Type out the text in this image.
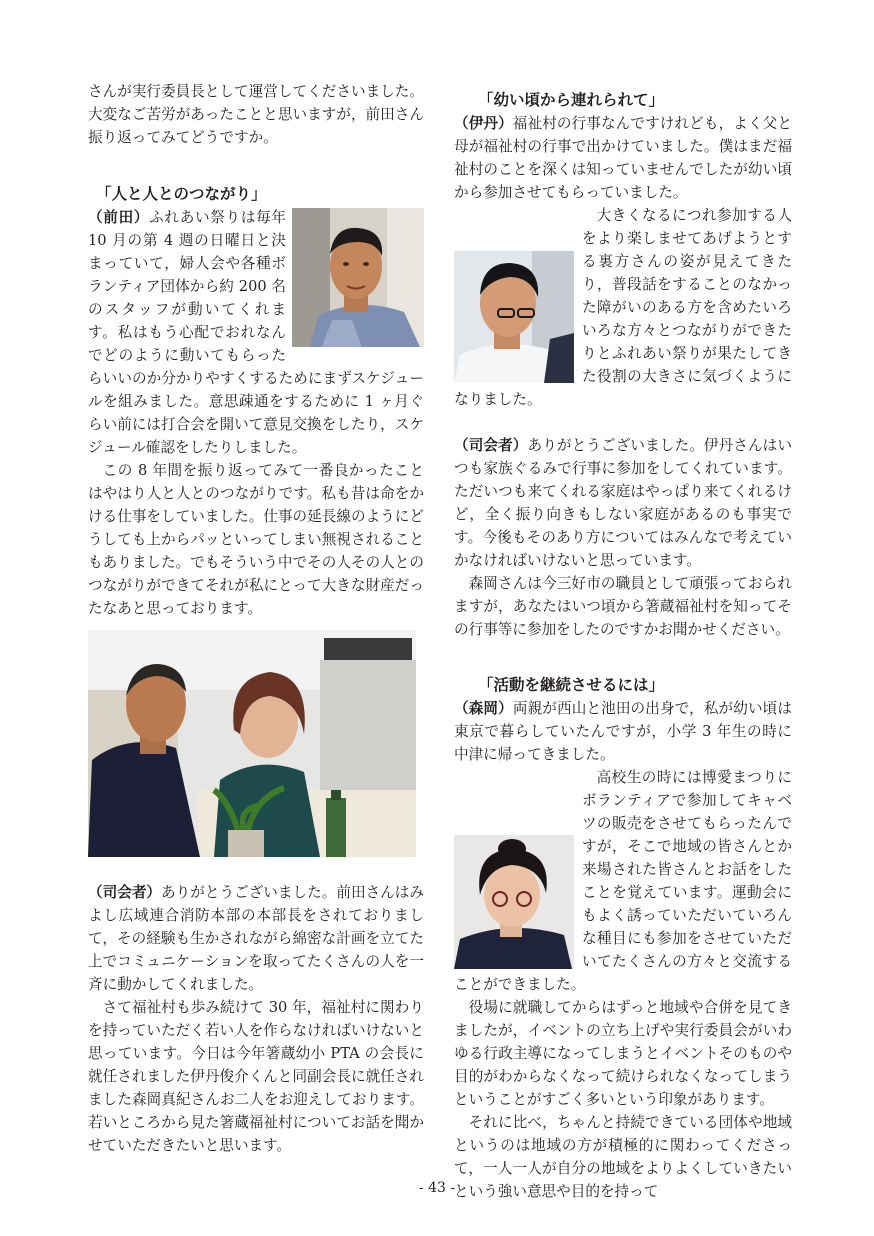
さんが実行委員長として運営してくださいました。大変なご苦労があったことと思いますが，前田さん振り返ってみてどうですか。

「人と人とのつながり」

（前田）ふれあい祭りは毎年 10 月の第 4 週の日曜日と決まっていて，婦人会や各種ボランティア団体から約 200 名のスタッフが動いてくれます。私はもう心配でおれなんでどのように動いてもらったらいいのか分かりやすくするためにまずスケジュールを組みました。意思疎通をするために 1 ヶ月ぐらい前には打合会を開いて意見交換をしたり，スケジュール確認をしたりしました。

この 8 年間を振り返ってみて一番良かったことはやはり人と人とのつながりです。私も昔は命をかける仕事をしていました。仕事の延長線のようにどうしても上からパッといってしまい無視されることもありました。でもそういう中でその人その人とのつながりができてそれが私にとって大きな財産だったなあと思っております。

（司会者）ありがとうございました。前田さんはみよし広域連合消防本部の本部長をされておりまして，その経験も生かされながら綿密な計画を立てた上でコミュニケーションを取ってたくさんの人を一斉に動かしてくれました。

さて福祉村も歩み続けて 30 年，福祉村に関わりを持っていただく若い人を作らなければいけないと思っています。今日は今年箸蔵幼小 PTA の会長に就任されました伊丹俊介くんと同副会長に就任されました森岡真紀さんお二人をお迎えしております。若いところから見た箸蔵福祉村についてお話を聞かせていただきたいと思います。

「幼い頃から連れられて」

（伊丹）福祉村の行事なんですけれども，よく父と母が福祉村の行事で出かけていました。僕はまだ福祉村のことを深くは知っていませんでしたが幼い頃から参加させてもらっていました。

大きくなるにつれ参加する人をより楽しませてあげようとする裏方さんの姿が見えてきたり，普段話をすることのなかった障がいのある方を含めたいろいろな方々とつながりができたりとふれあい祭りが果たしてきた役割の大きさに気づくようになりました。

（司会者）ありがとうございました。伊丹さんはいつも家族ぐるみで行事に参加をしてくれています。ただいつも来てくれる家庭はやっぱり来てくれるけど，全く振り向きもしない家庭があるのも事実です。今後もそのあり方についてはみんなで考えていかなければいけないと思っています。

森岡さんは今三好市の職員として頑張っておられますが，あなたはいつ頃から箸蔵福祉村を知ってその行事等に参加をしたのですかお聞かせください。

「活動を継続させるには」

（森岡）両親が西山と池田の出身で，私が幼い頃は東京で暮らしていたんですが，小学 3 年生の時に中津に帰ってきました。

高校生の時には博愛まつりにボランティアで参加してキャベツの販売をさせてもらったんですが，そこで地域の皆さんとか来場された皆さんとお話をしたことを覚えています。運動会にもよく誘っていただいていろんな種目にも参加をさせていただいてたくさんの方々と交流することができました。

役場に就職してからはずっと地域や合併を見てきましたが，イベントの立ち上げや実行委員会がいわゆる行政主導になってしまうとイベントそのものや目的がわからなくなって続けられなくなってしまうということがすごく多いという印象があります。

それに比べ，ちゃんと持続できている団体や地域というのは地域の方が積極的に関わってくださって，一人一人が自分の地域をよりよくしていきたいという強い意思や目的を持って

- 43 -
